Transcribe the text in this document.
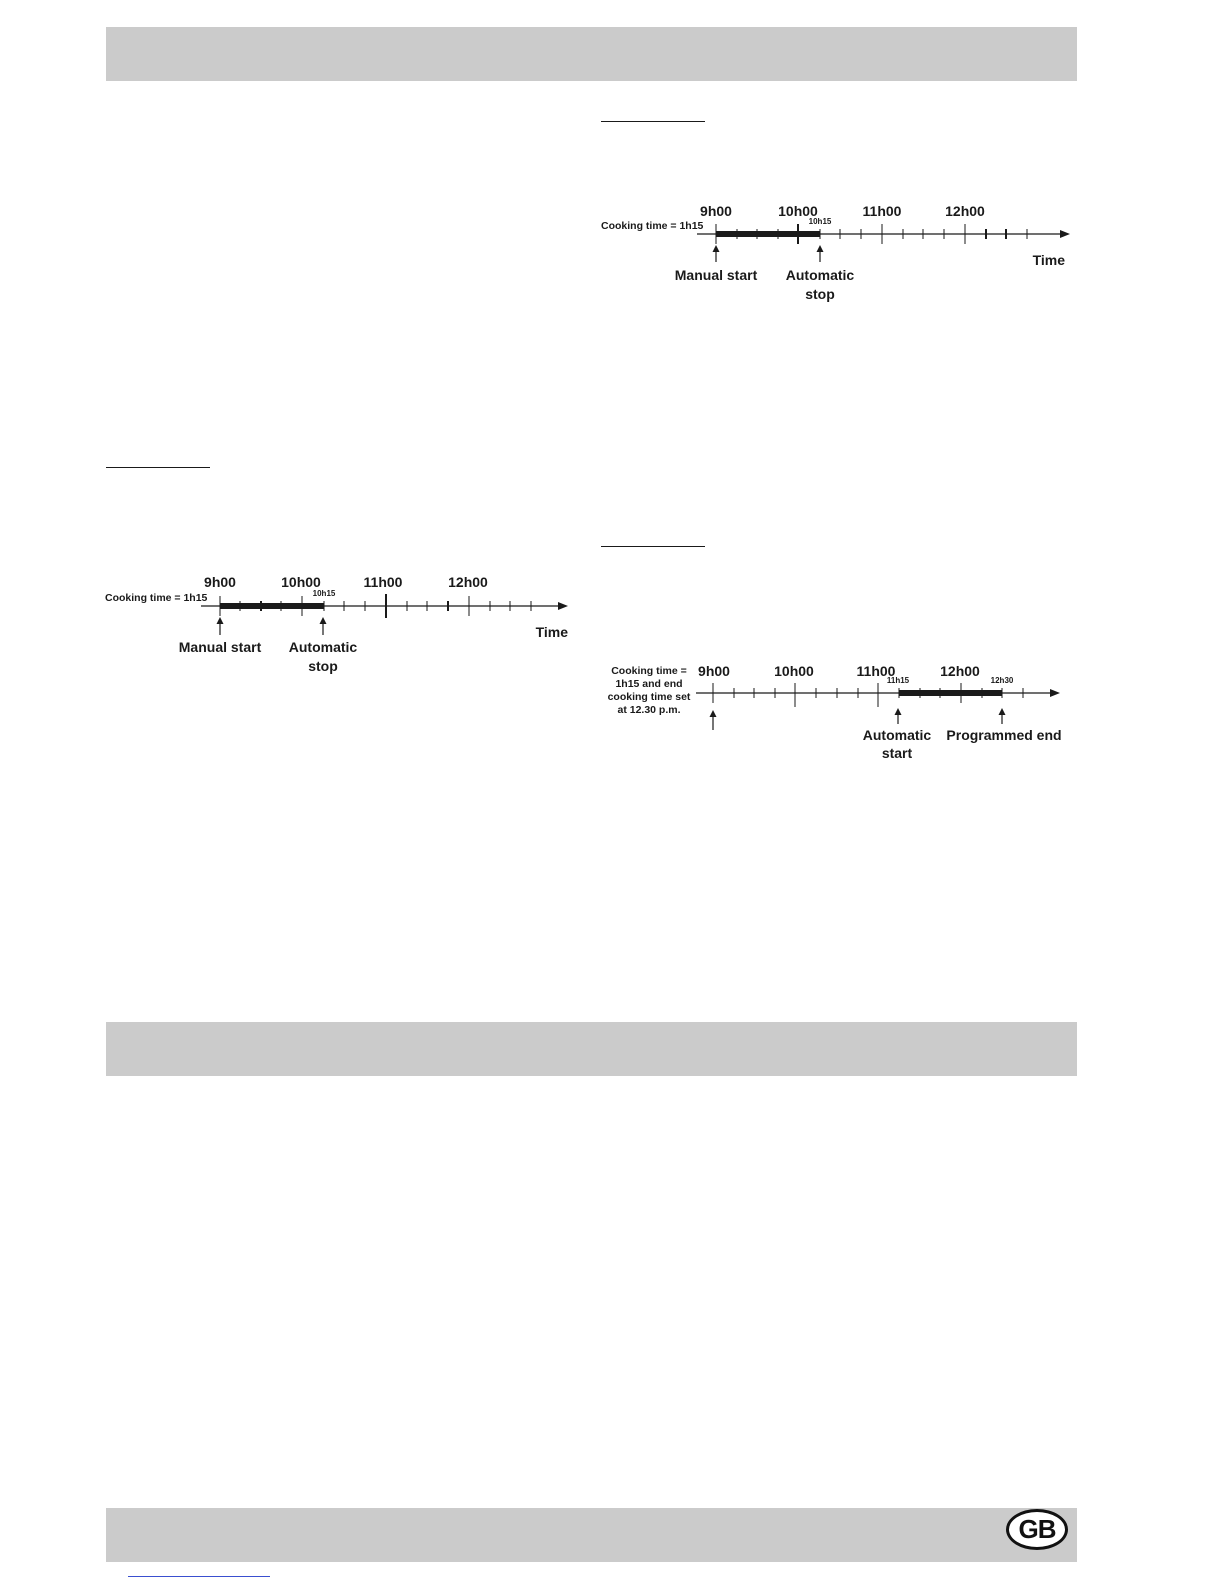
9h00	10h00	11h00	12h00
Cooking time = 1h15	10h15
Manual start Automatic
stop
Time
9h00	10h00	11h00	12h00
Cooking time = 1h15	10h15
Manual start Automatic
stop
Time
9h00	10h00	11h00	12h00
Cooking time =
1h15 and end
cooking time set
at 12.30 p.m.
11h15	12h30
Automatic
start
Programmed end
GB
